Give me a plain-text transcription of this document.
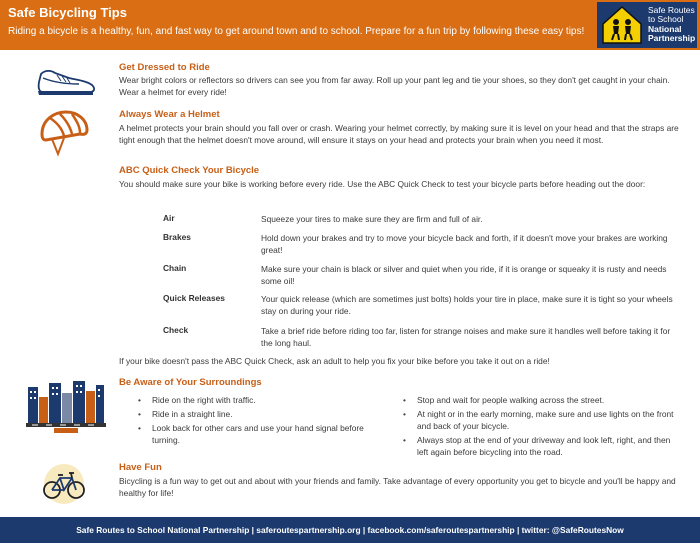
Safe Bicycling Tips
Riding a bicycle is a healthy, fun, and fast way to get around town and to school. Prepare for a fun trip by following these easy tips!
Safe Routes
to School
National
Partnership
Get Dressed to Ride
Wear bright colors or reflectors so drivers can see you from far away. Roll up your pant leg and tie your shoes, so they don't get caught in your chain. Wear a helmet for every ride!
Always Wear a Helmet
A helmet protects your brain should you fall over or crash. Wearing your helmet correctly, by making sure it is level on your head and that the straps are tight enough that the helmet doesn't move around, will ensure it stays on your head and protects your brain when you need it most.
ABC Quick Check Your Bicycle
You should make sure your bike is working before every ride. Use the ABC Quick Check to test your bicycle parts before heading out the door:
Air	Squeeze your tires to make sure they are firm and full of air.
Brakes	Hold down your brakes and try to move your bicycle back and forth, if it doesn't move your brakes are working great!
Chain	Make sure your chain is black or silver and quiet when you ride, if it is orange or squeaky it is rusty and needs some oil!
Quick Releases	Your quick release (which are sometimes just bolts) holds your tire in place, make sure it is tight so your wheels stay on during your ride.
Check	Take a brief ride before riding too far, listen for strange noises and make sure it handles well before taking it for the long haul.
If your bike doesn't pass the ABC Quick Check, ask an adult to help you fix your bike before you take it out on a ride!
Be Aware of Your Surroundings
• Ride on the right with traffic.
• Ride in a straight line.
• Look back for other cars and use your hand signal before turning.
• Stop and wait for people walking across the street.
• At night or in the early morning, make sure and use lights on the front and back of your bicycle.
• Always stop at the end of your driveway and look left, right, and then left again before bicycling into the road.
Have Fun
Bicycling is a fun way to get out and about with your friends and family. Take advantage of every opportunity you get to bicycle and you'll be happy and healthy for life!
Safe Routes to School National Partnership | saferoutespartnership.org | facebook.com/saferoutespartnership | twitter: @SafeRoutesNow
